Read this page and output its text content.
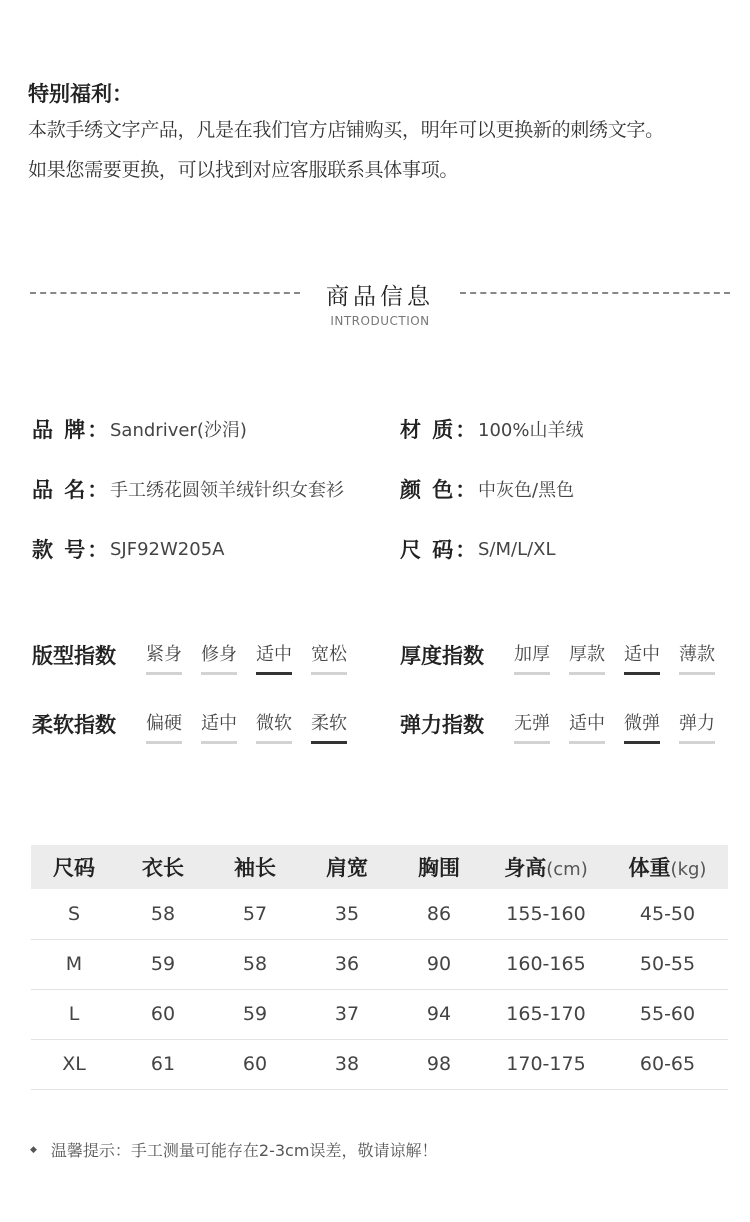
特别福利：
本款手绣文字产品，凡是在我们官方店铺购买，明年可以更换新的刺绣文字。
如果您需要更换，可以找到对应客服联系具体事项。
商品信息
INTRODUCTION
品 牌： Sandriver(沙涓)	材 质： 100%山羊绒
品 名： 手工绣花圆领羊绒针织女套衫	颜 色： 中灰色/黑色
款 号： SJF92W205A	尺 码： S/M/L/XL
版型指数	紧身 修身 适中 宽松	厚度指数	加厚 厚款 适中 薄款
柔软指数	偏硬 适中 微软 柔软	弹力指数	无弹 适中 微弹 弹力
尺码	衣长	袖长	肩宽	胸围	身高(cm)	体重(kg)
S	58	57	35	86	155-160	45-50
M	59	58	36	90	160-165	50-55
L	60	59	37	94	165-170	55-60
XL	61	60	38	98	170-175	60-65
◆ 温馨提示：手工测量可能存在2-3cm误差，敬请谅解！
